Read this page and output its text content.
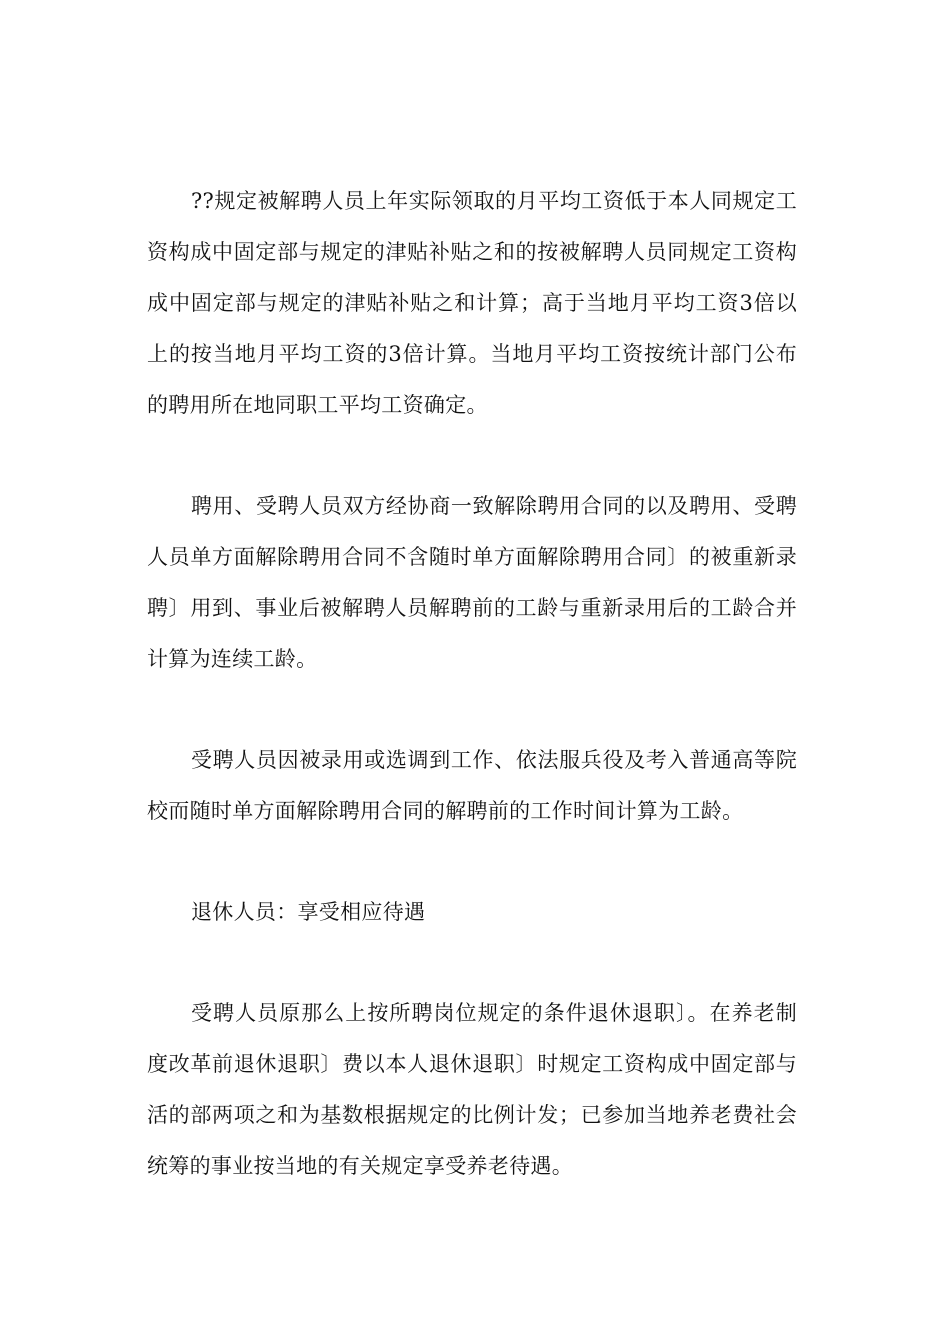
??规定被解聘人员上年实际领取的月平均工资低于本人同规定工资构成中固定部与规定的津贴补贴之和的按被解聘人员同规定工资构成中固定部与规定的津贴补贴之和计算；高于当地月平均工资3倍以上的按当地月平均工资的3倍计算。当地月平均工资按统计部门公布的聘用所在地同职工平均工资确定。

聘用、受聘人员双方经协商一致解除聘用合同的以及聘用、受聘人员单方面解除聘用合同不含随时单方面解除聘用合同〕的被重新录聘〕用到、事业后被解聘人员解聘前的工龄与重新录用后的工龄合并计算为连续工龄。

受聘人员因被录用或选调到工作、依法服兵役及考入普通高等院校而随时单方面解除聘用合同的解聘前的工作时间计算为工龄。

退休人员：享受相应待遇

受聘人员原那么上按所聘岗位规定的条件退休退职〕。在养老制度改革前退休退职〕费以本人退休退职〕时规定工资构成中固定部与活的部两项之和为基数根据规定的比例计发；已参加当地养老费社会统筹的事业按当地的有关规定享受养老待遇。
